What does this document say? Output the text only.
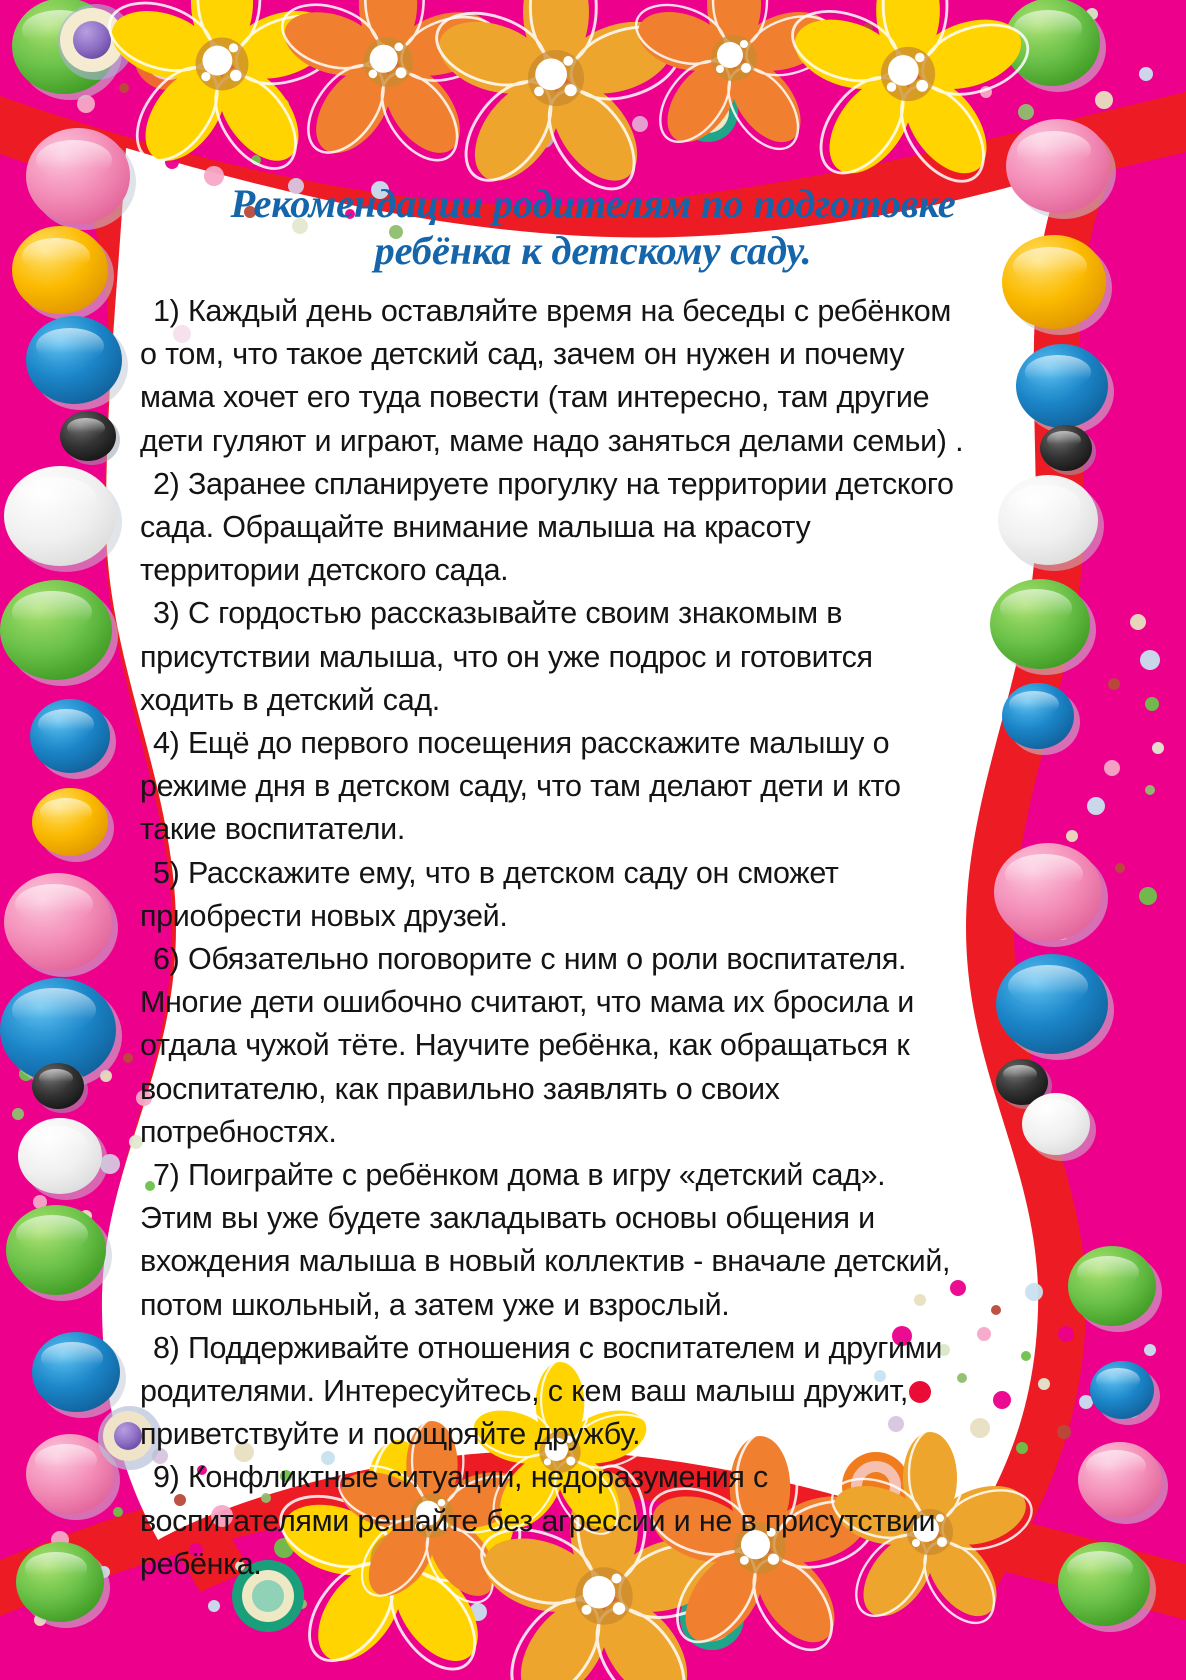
Рекомендации родителям по подготовке
ребёнка к детскому саду.

1) Каждый день оставляйте время на беседы с ребёнком о том, что такое детский сад, зачем он нужен и почему мама хочет его туда повести (там интересно, там другие дети гуляют и играют, маме надо заняться делами семьи) .

2) Заранее спланируете прогулку на территории детского сада. Обращайте внимание малыша на красоту территории детского сада.

3) С гордостью рассказывайте своим знакомым в присутствии малыша, что он уже подрос и готовится ходить в детский сад.

4) Ещё до первого посещения расскажите малышу о режиме дня в детском саду, что там делают дети и кто такие воспитатели.

5) Расскажите ему, что в детском саду он сможет приобрести новых друзей.

6) Обязательно поговорите с ним о роли воспитателя. Многие дети ошибочно считают, что мама их бросила и отдала чужой тёте. Научите ребёнка, как обращаться к воспитателю, как правильно заявлять о своих потребностях.

7) Поиграйте с ребёнком дома в игру «детский сад». Этим вы уже будете закладывать основы общения и вхождения малыша в новый коллектив - вначале детский, потом школьный, а затем уже и взрослый.

8) Поддерживайте отношения с воспитателем и другими родителями. Интересуйтесь, с кем ваш малыш дружит, приветствуйте и поощряйте дружбу.

9) Конфликтные ситуации, недоразумения с воспитателями решайте без агрессии и не в присутствии ребёнка.
